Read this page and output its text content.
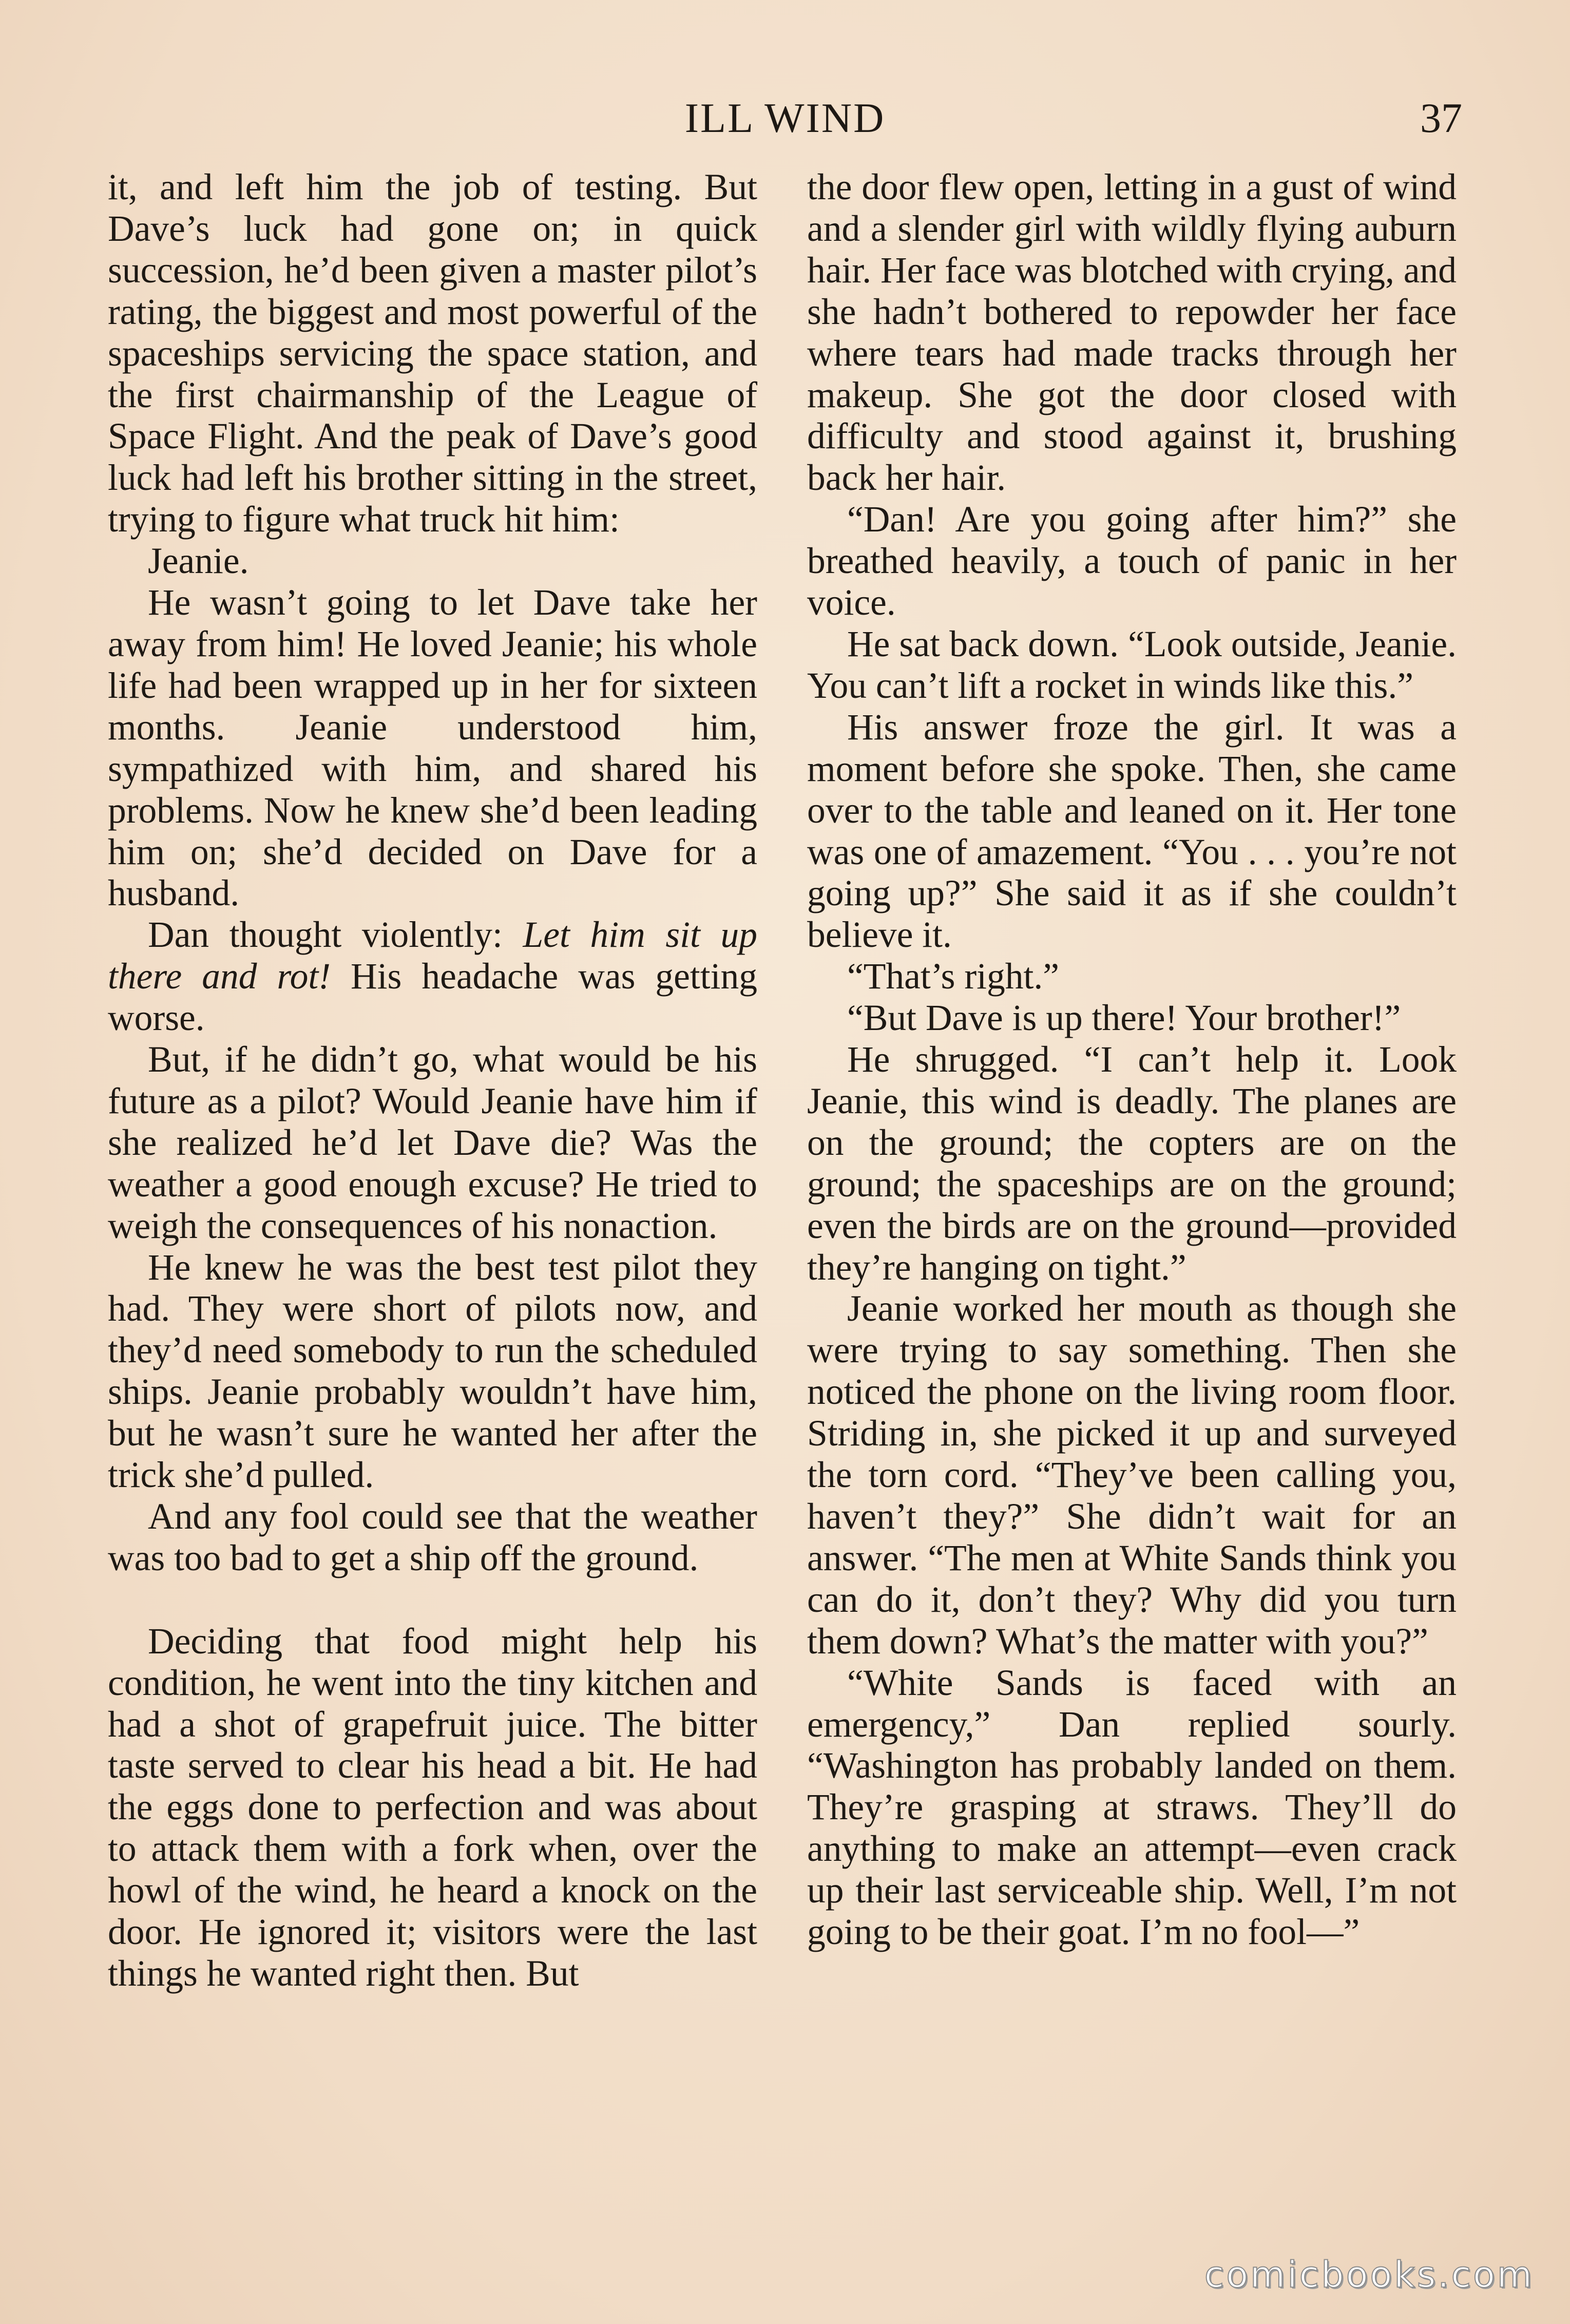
ILL WIND	37

it, and left him the job of testing. But Dave’s luck had gone on; in quick succession, he’d been given a master pilot’s rating, the biggest and most powerful of the spaceships servicing the space station, and the first chairmanship of the League of Space Flight. And the peak of Dave’s good luck had left his brother sitting in the street, trying to figure what truck hit him:

Jeanie.

He wasn’t going to let Dave take her away from him! He loved Jeanie; his whole life had been wrapped up in her for sixteen months. Jeanie understood him, sympathized with him, and shared his problems. Now he knew she’d been leading him on; she’d decided on Dave for a husband.

Dan thought violently: Let him sit up there and rot! His headache was getting worse.

But, if he didn’t go, what would be his future as a pilot? Would Jeanie have him if she realized he’d let Dave die? Was the weather a good enough excuse? He tried to weigh the consequences of his nonaction.

He knew he was the best test pilot they had. They were short of pilots now, and they’d need somebody to run the scheduled ships. Jeanie probably wouldn’t have him, but he wasn’t sure he wanted her after the trick she’d pulled.

And any fool could see that the weather was too bad to get a ship off the ground.

Deciding that food might help his condition, he went into the tiny kitchen and had a shot of grapefruit juice. The bitter taste served to clear his head a bit. He had the eggs done to perfection and was about to attack them with a fork when, over the howl of the wind, he heard a knock on the door. He ignored it; visitors were the last things he wanted right then. But

the door flew open, letting in a gust of wind and a slender girl with wildly flying auburn hair. Her face was blotched with crying, and she hadn’t bothered to repowder her face where tears had made tracks through her makeup. She got the door closed with difficulty and stood against it, brushing back her hair.

“Dan! Are you going after him?” she breathed heavily, a touch of panic in her voice.

He sat back down. “Look outside, Jeanie. You can’t lift a rocket in winds like this.”

His answer froze the girl. It was a moment before she spoke. Then, she came over to the table and leaned on it. Her tone was one of amazement. “You . . . you’re not going up?” She said it as if she couldn’t believe it.

“That’s right.”

“But Dave is up there! Your brother!”

He shrugged. “I can’t help it. Look Jeanie, this wind is deadly. The planes are on the ground; the copters are on the ground; the spaceships are on the ground; even the birds are on the ground—provided they’re hanging on tight.”

Jeanie worked her mouth as though she were trying to say something. Then she noticed the phone on the living room floor. Striding in, she picked it up and surveyed the torn cord. “They’ve been calling you, haven’t they?” She didn’t wait for an answer. “The men at White Sands think you can do it, don’t they? Why did you turn them down? What’s the matter with you?”

“White Sands is faced with an emergency,” Dan replied sourly. “Washington has probably landed on them. They’re grasping at straws. They’ll do anything to make an attempt—even crack up their last serviceable ship. Well, I’m not going to be their goat. I’m no fool—”

comicbooks.com
